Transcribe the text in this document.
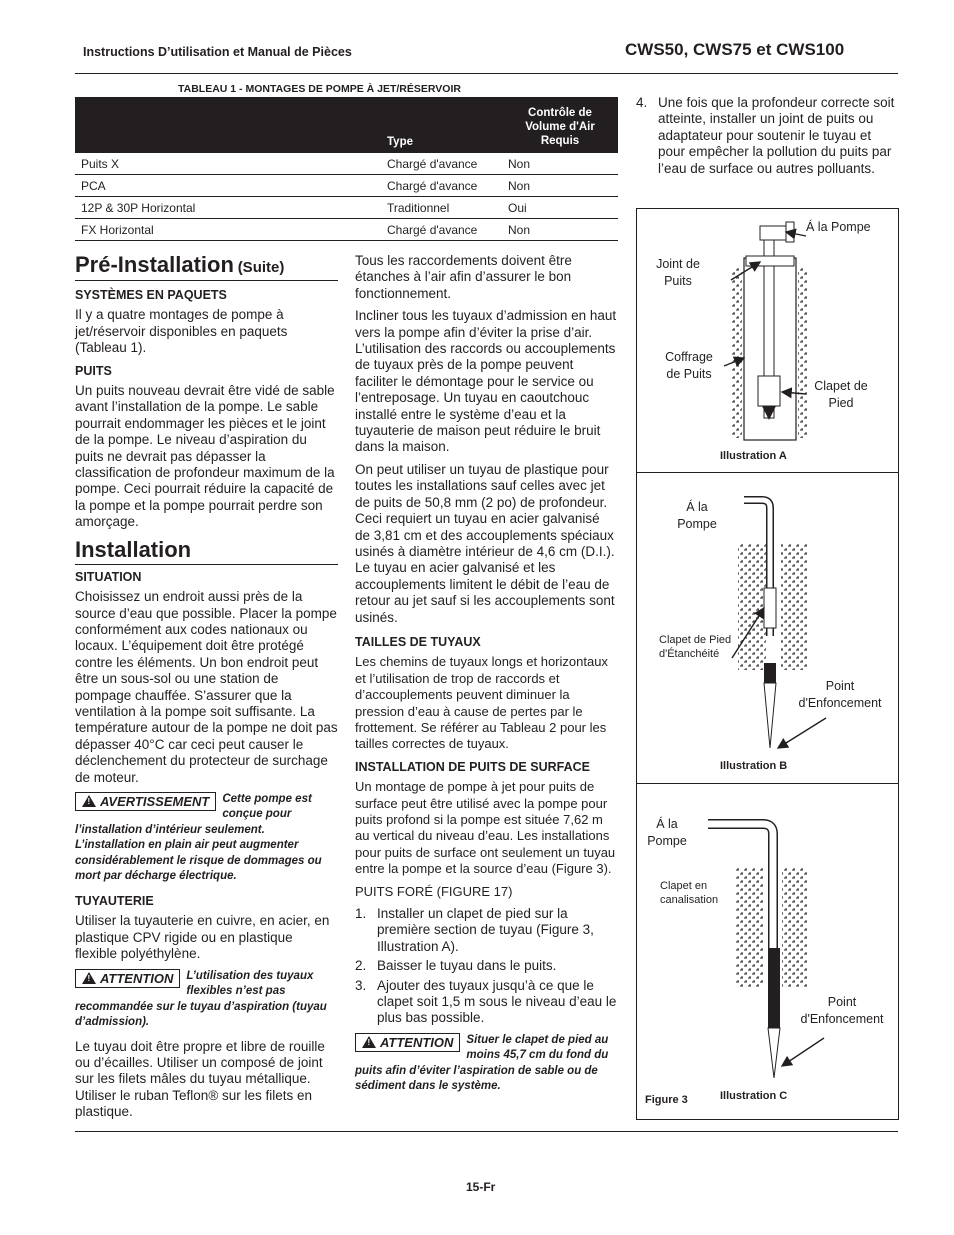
Instructions D’utilisation et Manual de Pièces	CWS50, CWS75 et CWS100
TABLEAU 1 - MONTAGES DE POMPE À JET/RÉSERVOIR
	Type	Contrôle de Volume d'Air Requis
Puits X	Chargé d'avance	Non
PCA	Chargé d'avance	Non
12P & 30P Horizontal	Traditionnel	Oui
FX Horizontal	Chargé d'avance	Non
Pré-Installation (Suite)
SYSTÈMES EN PAQUETS

Il y a quatre montages de pompe à jet/réservoir disponibles en paquets (Tableau 1).

PUITS

Un puits nouveau devrait être vidé de sable avant l’installation de la pompe. Le sable pourrait endommager les pièces et le joint de la pompe. Le niveau d’aspiration du puits ne devrait pas dépasser la classification de profondeur maximum de la pompe. Ceci pourrait réduire la capacité de la pompe et la pompe pourrait perdre son amorçage.

Installation
SITUATION

Choisissez un endroit aussi près de la source d’eau que possible. Placer la pompe conformément aux codes nationaux ou locaux. L’équipement doit être protégé contre les éléments. Un bon endroit peut être un sous-sol ou une station de pompage chauffée. S’assurer que la ventilation à la pompe soit suffisante. La température autour de la pompe ne doit pas dépasser 40°C car ceci peut causer le déclenchement du protecteur de surchage de moteur.

! AVERTISSEMENT	Cette pompe est conçue pour l’installation d’intérieur seulement. L’installation en plain air peut augmenter considérablement le risque de dommages ou mort par décharge électrique.
TUYAUTERIE

Utiliser la tuyauterie en cuivre, en acier, en plastique CPV rigide ou en plastique flexible polyéthylène.

! ATTENTION	L’utilisation des tuyaux flexibles n’est pas recommandée sur le tuyau d’aspiration (tuyau d’admission).

Le tuyau doit être propre et libre de rouille ou d’écailles. Utiliser un composé de joint sur les filets mâles du tuyau métallique. Utiliser le ruban Teflon® sur les filets en plastique.

Tous les raccordements doivent être étanches à l’air afin d’assurer le bon fonctionnement.

Incliner tous les tuyaux d’admission en haut vers la pompe afin d’éviter la prise d’air. L’utilisation des raccords ou accouplements de tuyaux près de la pompe peuvent faciliter le démontage pour le service ou l’entreposage. Un tuyau en caoutchouc installé entre le système d’eau et la tuyauterie de maison peut réduire le bruit dans la maison.

On peut utiliser un tuyau de plastique pour toutes les installations sauf celles avec jet de puits de 50,8 mm (2 po) de profondeur. Ceci requiert un tuyau en acier galvanisé de 3,81 cm et des accouplements spéciaux usinés à diamètre intérieur de 4,6 cm (D.I.). Le tuyau en acier galvanisé et les accouplements limitent le débit de l’eau de retour au jet sauf si les accouplements sont usinés.

TAILLES DE TUYAUX

Les chemins de tuyaux longs et horizontaux et l’utilisation de trop de raccords et d’accouplements peuvent diminuer la pression d’eau à cause de pertes par le frottement. Se référer au Tableau 2 pour les tailles correctes de tuyaux.

INSTALLATION DE PUITS DE SURFACE

Un montage de pompe à jet pour puits de surface peut être utilisé avec la pompe pour puits profond si la pompe est située 7,62 m au vertical du niveau d’eau. Les installations pour puits de surface ont seulement un tuyau entre la pompe et la source d’eau (Figure 3).

PUITS FORÉ (FIGURE 17)

1. Installer un clapet de pied sur la première section de tuyau (Figure 3, Illustration A).
2. Baisser le tuyau dans le puits.
3. Ajouter des tuyaux jusqu’à ce que le clapet soit 1,5 m sous le niveau d’eau le plus bas possible.
! ATTENTION	Situer le clapet de pied au moins 45,7 cm du fond du puits afin d’éviter l’aspiration de sable ou de sédiment dans le système.
4. Une fois que la profondeur correcte soit atteinte, installer un joint de puits ou adaptateur pour soutenir le tuyau et pour empêcher la pollution du puits par l’eau de surface ou autres polluants.
Á la Pompe
Joint de Puits
Coffrage de Puits
Clapet de Pied
Illustration A
Á la Pompe
Clapet de Pied d'Étanchéité
Point d'Enfoncement
Illustration B
Á la Pompe
Clapet en canalisation
Point d'Enfoncement
Figure 3	Illustration C
15-Fr
